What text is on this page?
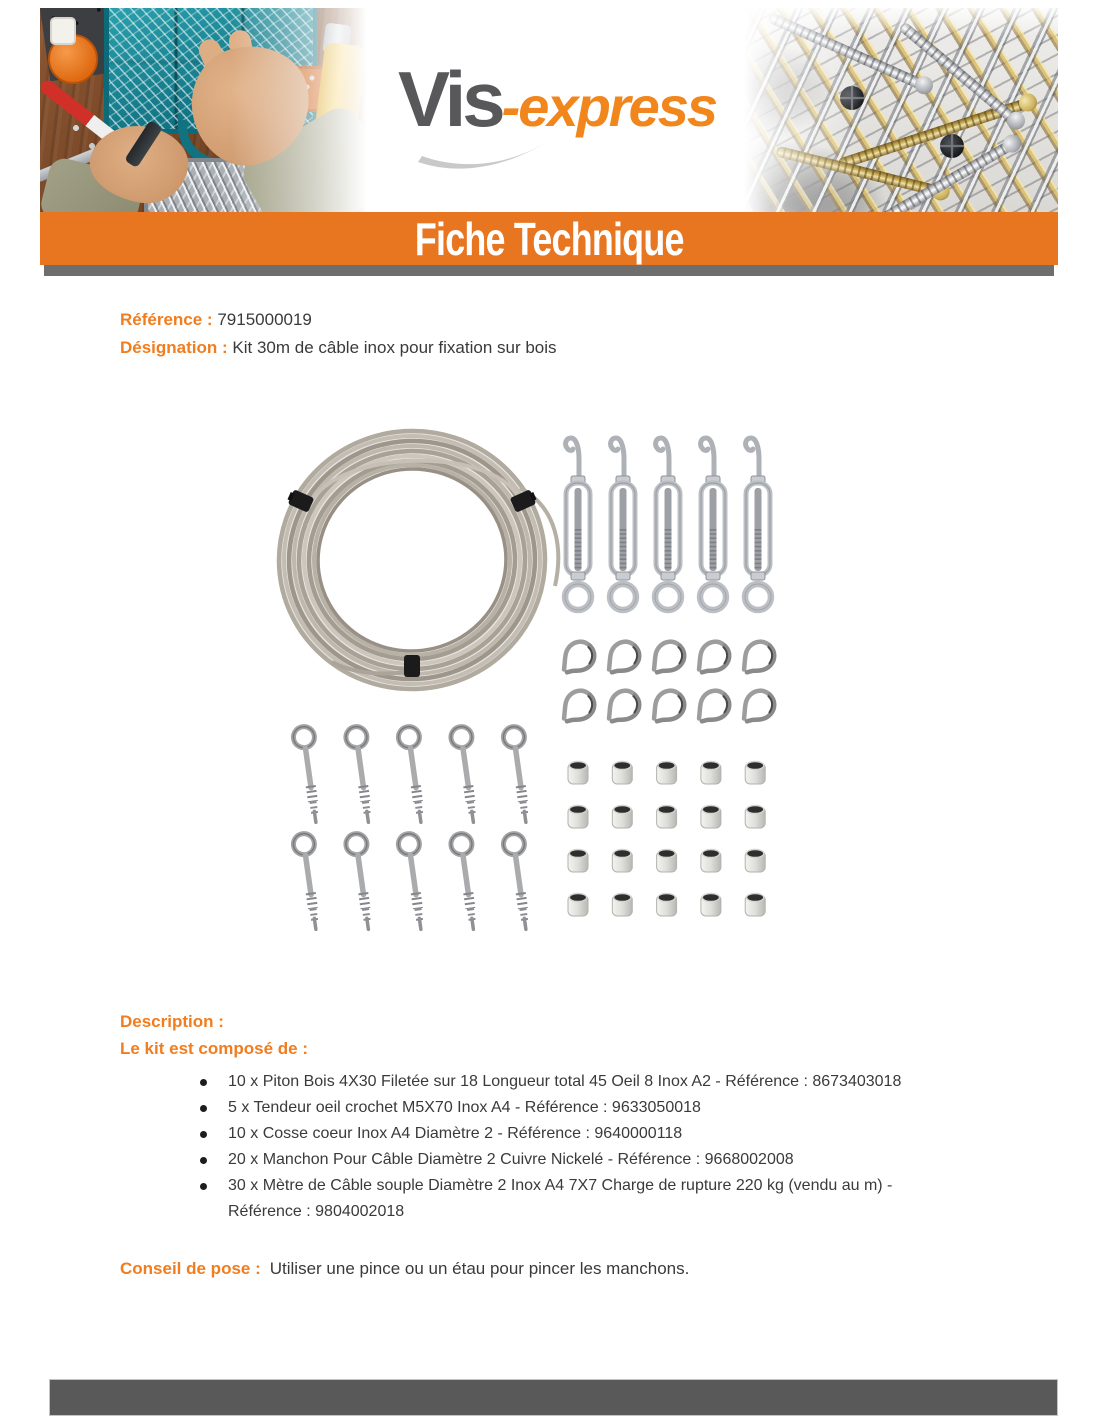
Vis -express
Fiche Technique
Référence : 7915000019
Désignation : Kit 30m de câble inox pour fixation sur bois
Description :
Le kit est composé de :
10 x Piton Bois 4X30 Filetée sur 18 Longueur total 45 Oeil 8 Inox A2 - Référence : 8673403018
5 x Tendeur oeil crochet M5X70 Inox A4 - Référence : 9633050018
10 x Cosse coeur Inox A4 Diamètre 2 - Référence : 9640000118
20 x Manchon Pour Câble Diamètre 2 Cuivre Nickelé - Référence : 9668002008
30 x Mètre de Câble souple Diamètre 2 Inox A4 7X7 Charge de rupture 220 kg (vendu au m) - Référence : 9804002018
Conseil de pose : Utiliser une pince ou un étau pour pincer les manchons.
